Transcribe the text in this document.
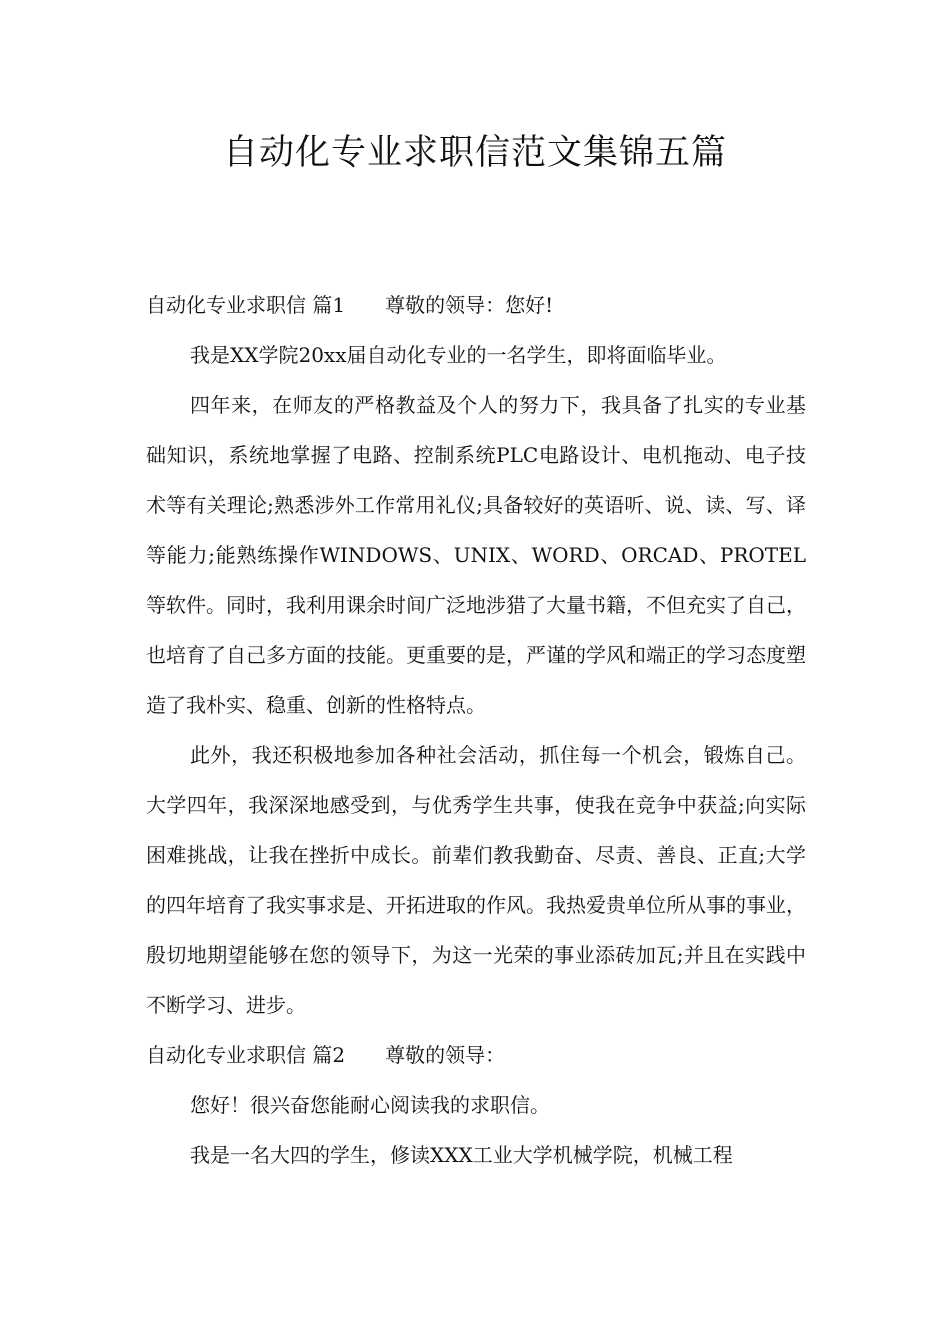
自动化专业求职信范文集锦五篇

自动化专业求职信 篇1 尊敬的领导：您好!

我是XX学院20xx届自动化专业的一名学生，即将面临毕业。

四年来，在师友的严格教益及个人的努力下，我具备了扎实的专业基础知识，系统地掌握了电路、控制系统PLC电路设计、电机拖动、电子技术等有关理论;熟悉涉外工作常用礼仪;具备较好的英语听、说、读、写、译等能力;能熟练操作WINDOWS、UNIX、WORD、ORCAD、PROTEL等软件。同时，我利用课余时间广泛地涉猎了大量书籍，不但充实了自己，也培育了自己多方面的技能。更重要的是，严谨的学风和端正的学习态度塑造了我朴实、稳重、创新的性格特点。

此外，我还积极地参加各种社会活动，抓住每一个机会，锻炼自己。大学四年，我深深地感受到，与优秀学生共事，使我在竞争中获益;向实际困难挑战，让我在挫折中成长。前辈们教我勤奋、尽责、善良、正直;大学的四年培育了我实事求是、开拓进取的作风。我热爱贵单位所从事的事业，殷切地期望能够在您的领导下，为这一光荣的事业添砖加瓦;并且在实践中不断学习、进步。

自动化专业求职信 篇2 尊敬的领导：

您好！很兴奋您能耐心阅读我的求职信。

我是一名大四的学生，修读XXX工业大学机械学院，机械工程
